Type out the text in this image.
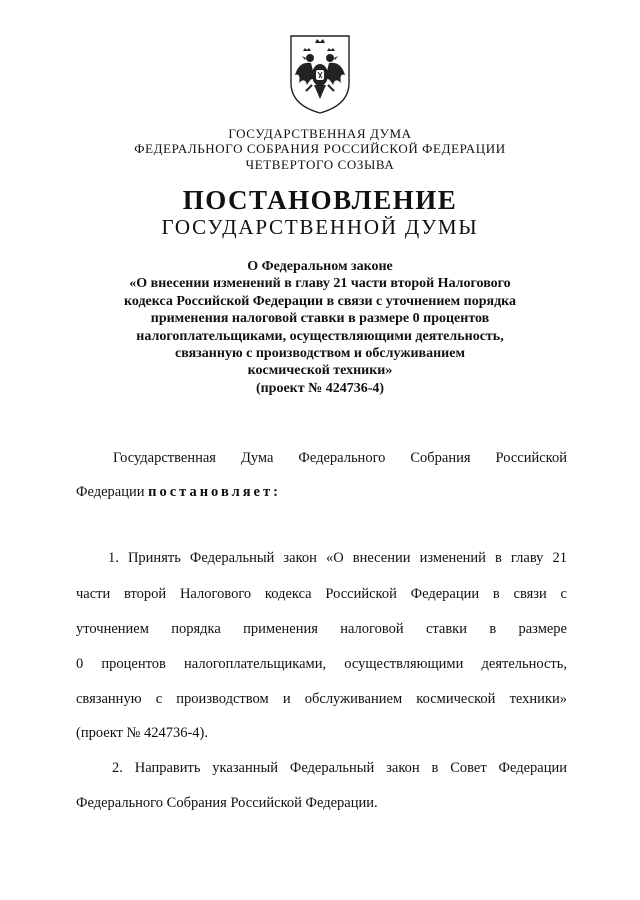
ГОСУДАРСТВЕННАЯ ДУМА
ФЕДЕРАЛЬНОГО СОБРАНИЯ РОССИЙСКОЙ ФЕДЕРАЦИИ
ЧЕТВЕРТОГО СОЗЫВА
ПОСТАНОВЛЕНИЕ
ГОСУДАРСТВЕННОЙ ДУМЫ
О Федеральном законе
«О внесении изменений в главу 21 части второй Налогового
кодекса Российской Федерации в связи с уточнением порядка
применения налоговой ставки в размере 0 процентов
налогоплательщиками, осуществляющими деятельность,
связанную с производством и обслуживанием
космической техники»
(проект № 424736-4)
Государственная Дума Федерального Собрания Российской
Федерации постановляет:
1. Принять Федеральный закон «О внесении изменений в главу 21
части второй Налогового кодекса Российской Федерации в связи с
уточнением порядка применения налоговой ставки в размере
0 процентов налогоплательщиками, осуществляющими деятельность,
связанную с производством и обслуживанием космической техники»
(проект № 424736-4).
2. Направить указанный Федеральный закон в Совет Федерации
Федерального Собрания Российской Федерации.
